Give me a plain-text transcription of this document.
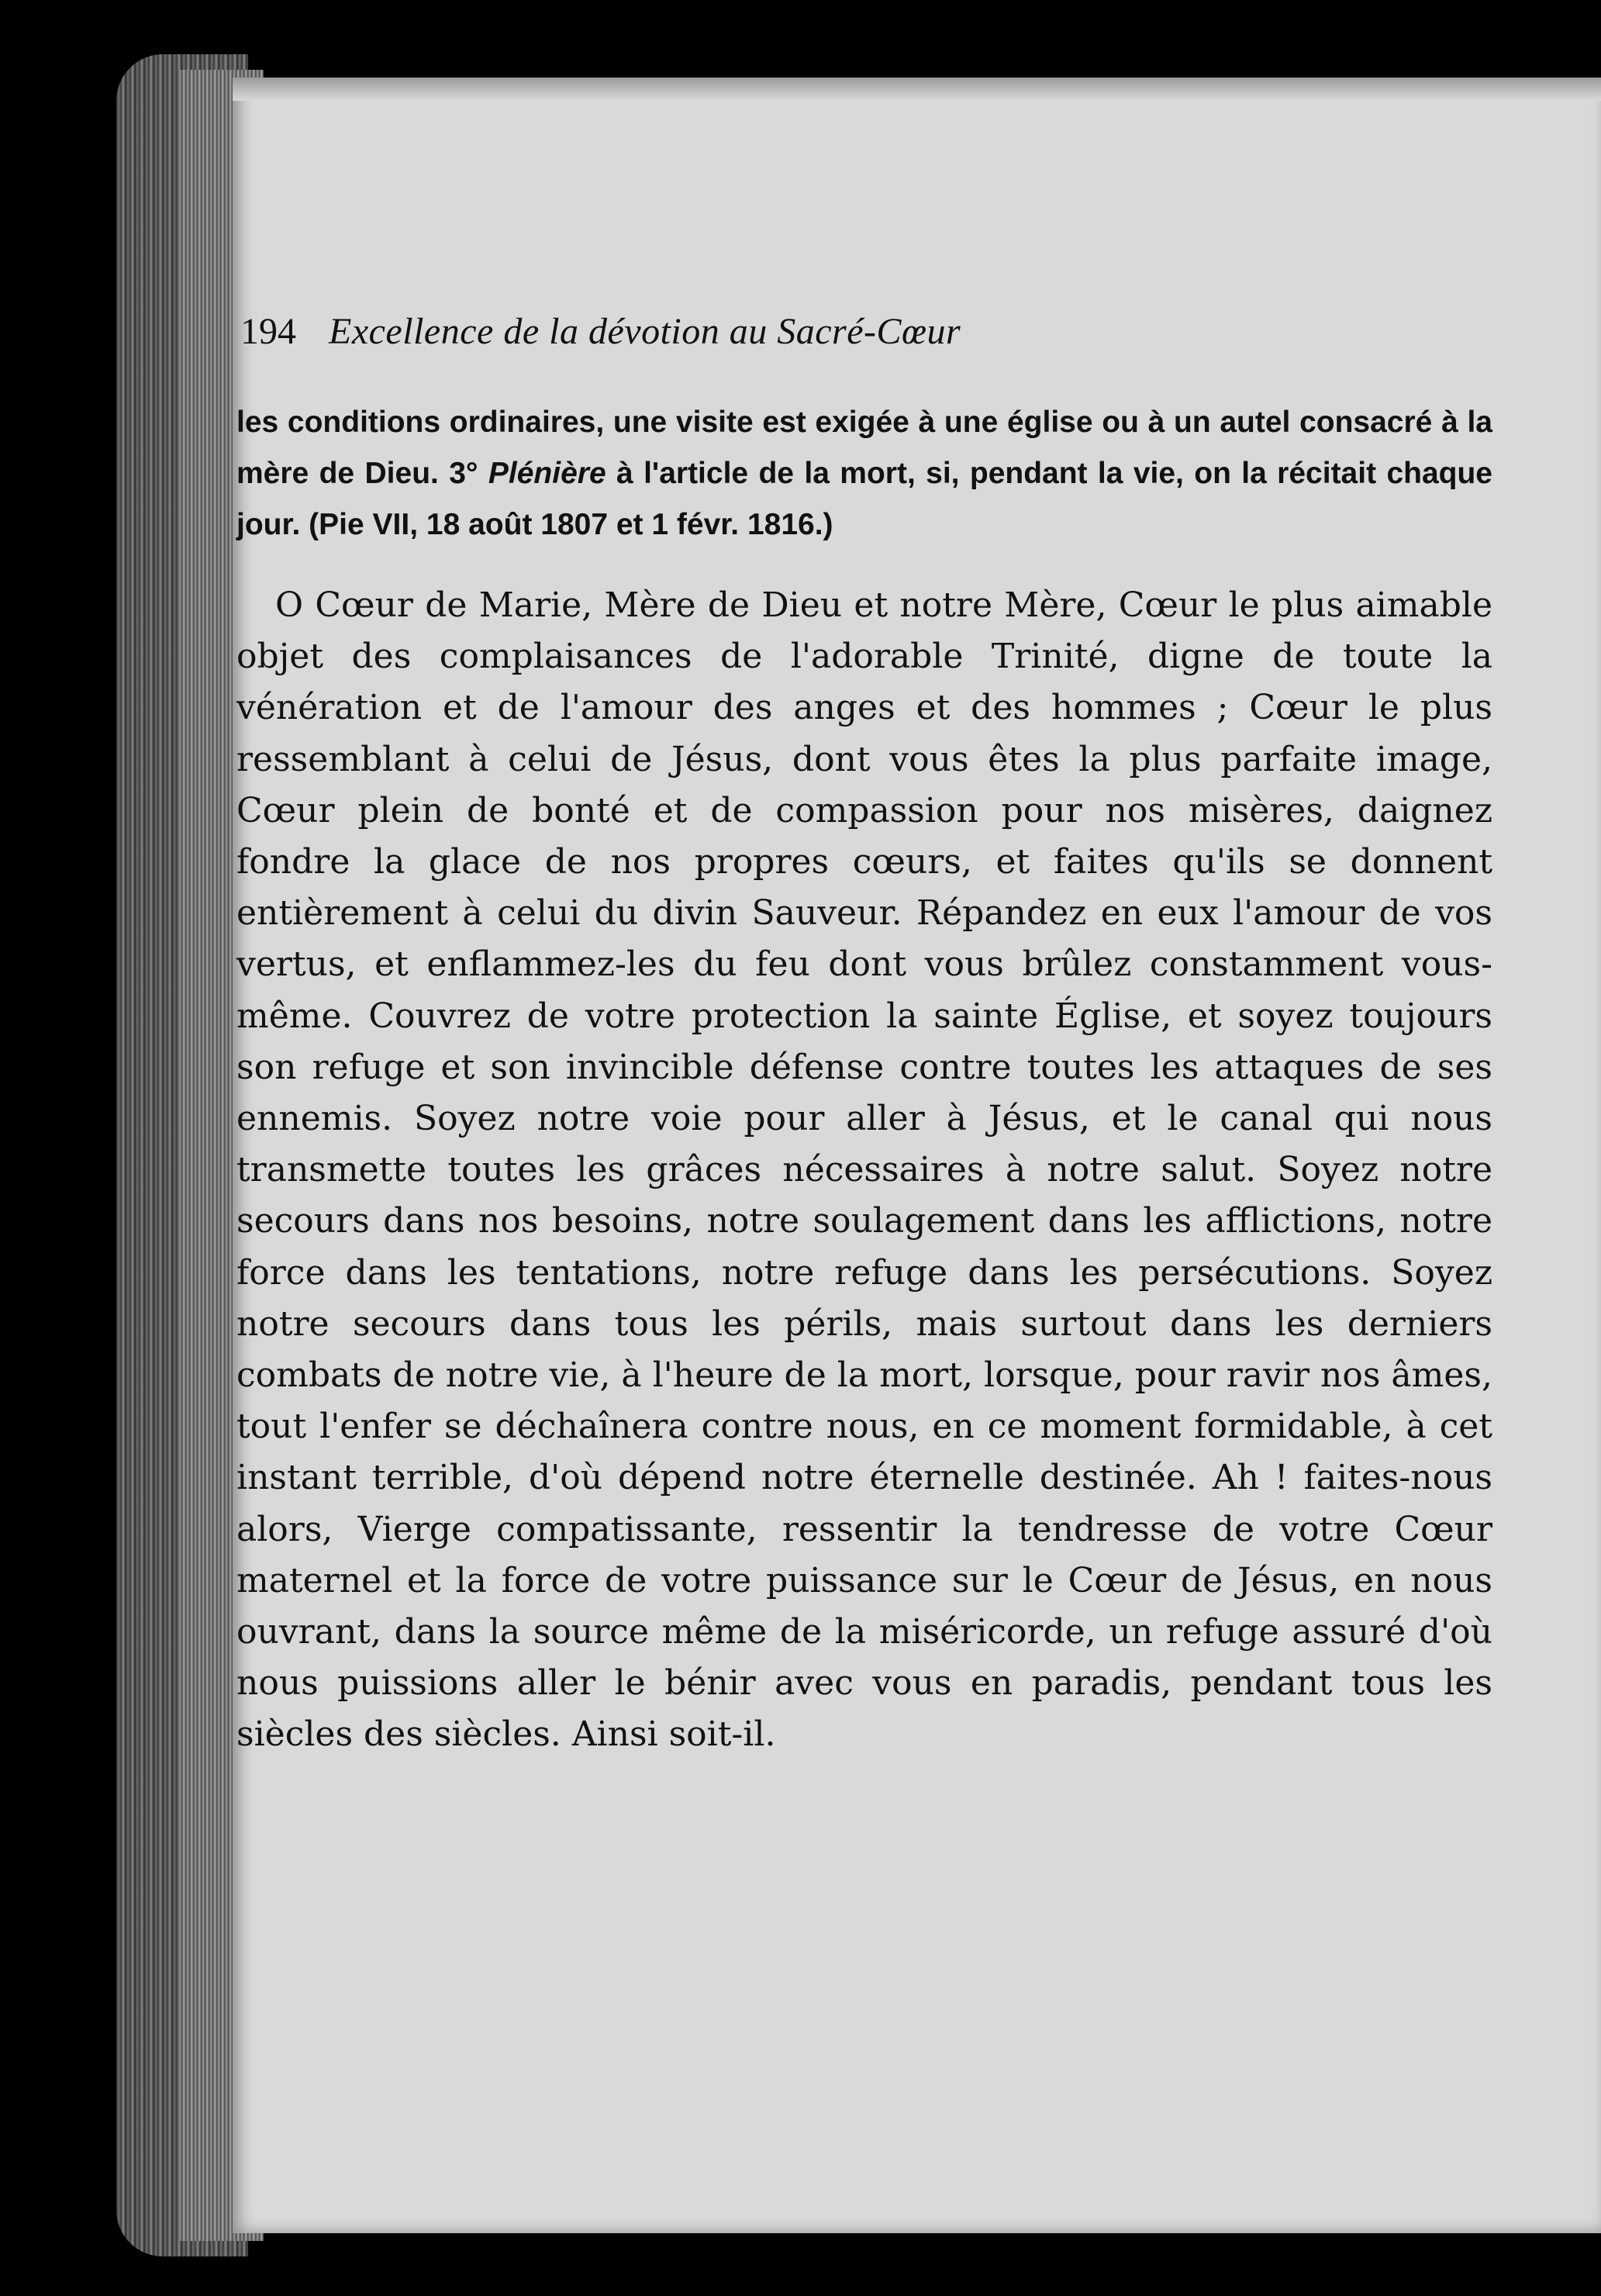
194 Excellence de la dévotion au Sacré-Cœur

les conditions ordinaires, une visite est exigée à une église ou à un autel consacré à la mère de Dieu. 3° Plénière à l'article de la mort, si, pendant la vie, on la récitait chaque jour. (Pie VII, 18 août 1807 et 1 févr. 1816.)

O Cœur de Marie, Mère de Dieu et notre Mère, Cœur le plus aimable objet des complaisances de l'adorable Trinité, digne de toute la vénération et de l'amour des anges et des hommes ; Cœur le plus ressemblant à celui de Jésus, dont vous êtes la plus parfaite image, Cœur plein de bonté et de compassion pour nos misères, daignez fondre la glace de nos propres cœurs, et faites qu'ils se donnent entièrement à celui du divin Sauveur. Répandez en eux l'amour de vos vertus, et enflammez-les du feu dont vous brûlez constamment vous-même. Couvrez de votre protection la sainte Église, et soyez toujours son refuge et son invincible défense contre toutes les attaques de ses ennemis. Soyez notre voie pour aller à Jésus, et le canal qui nous transmette toutes les grâces nécessaires à notre salut. Soyez notre secours dans nos besoins, notre soulagement dans les afflictions, notre force dans les tentations, notre refuge dans les persécutions. Soyez notre secours dans tous les périls, mais surtout dans les derniers combats de notre vie, à l'heure de la mort, lorsque, pour ravir nos âmes, tout l'enfer se déchaînera contre nous, en ce moment formidable, à cet instant terrible, d'où dépend notre éternelle destinée. Ah ! faites-nous alors, Vierge compatissante, ressentir la tendresse de votre Cœur maternel et la force de votre puissance sur le Cœur de Jésus, en nous ouvrant, dans la source même de la miséricorde, un refuge assuré d'où nous puissions aller le bénir avec vous en paradis, pendant tous les siècles des siècles. Ainsi soit-il.
